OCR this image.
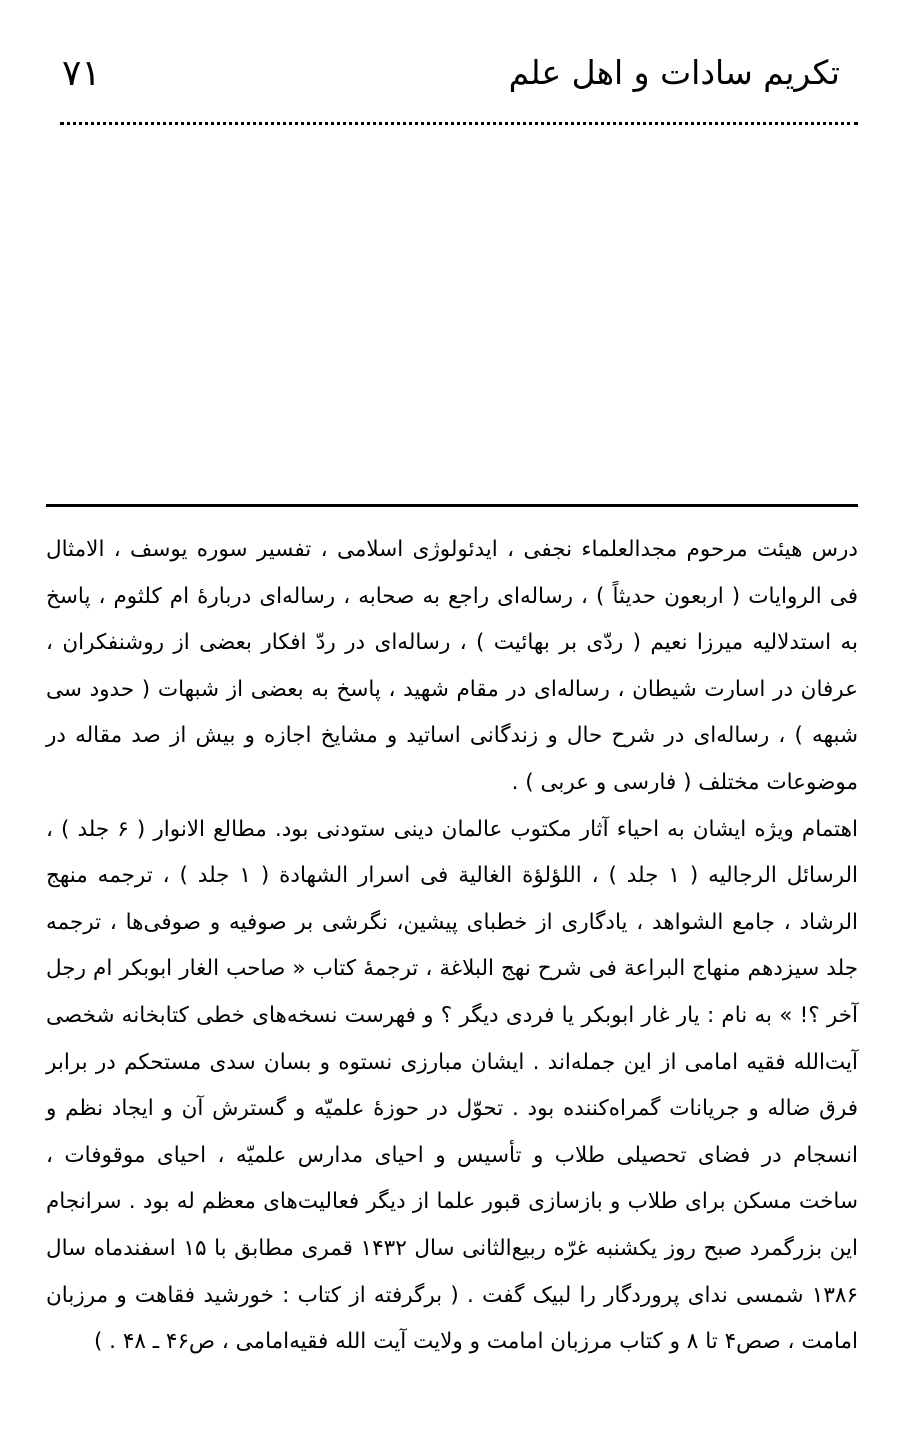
۷۱	تکریم سادات و اهل علم

درس هیئت مرحوم مجدالعلماء نجفی ، ایدئولوژی اسلامی ، تفسیر سوره یوسف ، الامثال فی الروایات ( اربعون حدیثاً ) ، رساله‌ای راجع به صحابه ، رساله‌ای دربارهٔ ام کلثوم ، پاسخ به استدلالیه میرزا نعیم ( ردّی بر بهائیت ) ، رساله‌ای در ردّ افکار بعضی از روشنفکران ، عرفان در اسارت شیطان ، رساله‌ای در مقام شهید ، پاسخ به بعضی از شبهات ( حدود سی شبهه ) ، رساله‌ای در شرح حال و زندگانی اساتید و مشایخ اجازه و بیش از صد مقاله در موضوعات مختلف ( فارسی و عربی ) .

اهتمام ویژه ایشان به احیاء آثار مکتوب عالمان دینی ستودنی بود. مطالع الانوار ( ۶ جلد ) ، الرسائل الرجالیه ( ۱ جلد ) ، اللؤلؤة الغالیة فی اسرار الشهادة ( ۱ جلد ) ، ترجمه منهج الرشاد ، جامع الشواهد ، یادگاری از خطبای پیشین، نگرشی بر صوفیه و صوفی‌ها ، ترجمه جلد سیزدهم منهاج البراعة فی شرح نهج البلاغة ، ترجمهٔ کتاب « صاحب الغار ابوبکر ام رجل آخر ؟! » به نام : یار غار ابوبکر یا فردی دیگر ؟ و فهرست نسخه‌های خطی کتابخانه شخصی آیت‌الله فقیه امامی‏‌ از این جمله‌اند . ایشان مبارزی نستوه و بسان سدی مستحکم در برابر فرق ضاله و جریانات گمراه‌کننده بود . تحوّل در حوزهٔ علمیّه و گسترش آن و ایجاد نظم و انسجام در فضای تحصیلی طلاب و تأسیس و احیای مدارس علمیّه ، احیای موقوفات ، ساخت مسکن برای طلاب و بازسازی قبور علما از دیگر فعالیت‌های معظم له بود . سرانجام این بزرگمرد صبح روز یکشنبه غرّه ربیع‌الثانی سال ۱۴۳۲ قمری مطابق با ۱۵ اسفندماه سال ۱۳۸۶ شمسی ندای پروردگار را لبیک گفت . ( برگرفته از کتاب : خورشید فقاهت و مرزبان امامت ، صص۴ تا ۸ و کتاب مرزبان امامت و ولایت آیت الله فقیه‌امامی ، ص۴۶ ـ ۴۸ . )
